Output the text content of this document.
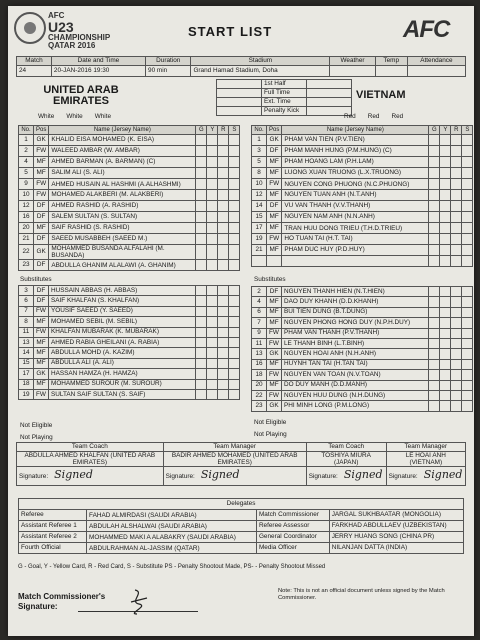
AFC
U23
CHAMPIONSHIP
QATAR 2016
START LIST	AFC
Match	Date and Time	Duration	Stadium	Weather	Temp	Attendance
24	20-JAN-2016 19:30	90 min	Grand Hamad Stadium, Doha			
UNITED ARAB EMIRATES
	1st Half	
	Full Time	
	Ext. Time	
	Penalty Kick	
VIETNAM
White	White	White	Red	Red	Red
No.	Pos	Name (Jersey Name)	G	Y	R	S
1	GK	KHALID EISA MOHAMED (K. EISA)				
2	FW	WALEED AMBAR (W. AMBAR)				
4	MF	AHMED BARMAN (A. BARMAN) (C)				
5	MF	SALIM ALI (S. ALI)				
9	FW	AHMED HUSAIN AL HASHMI (A.ALHASHMI)				
10	FW	MOHAMED ALAKBERI (M. ALAKBERI)				
12	DF	AHMED RASHID (A. RASHID)				
16	DF	SALEM SULTAN (S. SULTAN)				
20	MF	SAIF RASHID (S. RASHID)				
21	DF	SAEED MUSABBEH (SAEED M.)				
22	GK	MOHAMMED BUSANDA ALFALAHI (M. BUSANDA)				
23	DF	ABDULLA GHANIM ALALAWI (A. GHANIM)				
No.	Pos	Name (Jersey Name)	G	Y	R	S
1	GK	PHAM VAN TIEN (P.V.TIEN)				
3	DF	PHAM MANH HUNG (P.M.HUNG) (C)				
5	MF	PHAM HOANG LAM (P.H.LAM)				
8	MF	LUONG XUAN TRUONG (L.X.TRUONG)				
10	FW	NGUYEN CONG PHUONG (N.C.PHUONG)				
12	MF	NGUYEN TUAN ANH (N.T.ANH)				
14	DF	VU VAN THANH (V.V.THANH)				
15	MF	NGUYEN NAM ANH (N.N.ANH)				
17	MF	TRAN HUU DONG TRIEU (T.H.D.TRIEU)				
19	FW	HO TUAN TAI (H.T. TAI)				
21	MF	PHAM DUC HUY (P.D.HUY)				

Substitutes	Substitutes
3	DF	HUSSAIN ABBAS (H. ABBAS)				
6	DF	SAIF KHALFAN (S. KHALFAN)				
7	FW	YOUSIF SAEED (Y. SAEED)				
8	MF	MOHAMED SEBIL (M. SEBIL)				
11	FW	KHALFAN MUBARAK (K. MUBARAK)				
13	MF	AHMED RABIA GHEILANI (A. RABIA)				
14	MF	ABDULLA MOHD (A. KAZIM)				
15	MF	ABDULLA ALI (A. ALI)				
17	GK	HASSAN HAMZA (H. HAMZA)				
18	MF	MOHAMMED SUROUR (M. SUROUR)				
19	FW	SULTAN SAIF SULTAN (S. SAIF)				
2	DF	NGUYEN THANH HIEN (N.T.HIEN)				
4	MF	DAO DUY KHANH (D.D.KHANH)				
6	MF	BUI TIEN DUNG (B.T.DUNG)				
7	MF	NGUYEN PHONG HONG DUY (N.P.H.DUY)				
9	FW	PHAM VAN THANH (P.V.THANH)				
11	FW	LE THANH BINH (L.T.BINH)				
13	GK	NGUYEN HOAI ANH (N.H.ANH)				
16	MF	HUYNH TAN TAI (H.TAN TAI)				
18	FW	NGUYEN VAN TOAN (N.V.TOAN)				
20	MF	DO DUY MANH (D.D.MANH)				
22	FW	NGUYEN HUU DUNG (N.H.DUNG)				
23	GK	PHI MINH LONG (P.M.LONG)				
Not Eligible
Not Playing
Not Eligible
Not Playing
Team Coach	Team Manager	Team Coach	Team Manager
ABDULLA AHMED KHALFAN (UNITED ARAB EMIRATES)	BADIR AHMED MOHAMED (UNITED ARAB EMIRATES)	TOSHIYA MIURA (JAPAN)	LE HOAI ANH (VIETNAM)
Signature: Signed	Signature: Signed	Signature: Signed	Signature: Signed
Delegates			
Referee	FAHAD ALMIRDASI (SAUDI ARABIA)	Match Commissioner	JARGAL SUKHBAATAR (MONGOLIA)
Assistant Referee 1	ABDULAH ALSHALWAI (SAUDI ARABIA)	Referee Assessor	FARKHAD ABDULLAEV (UZBEKISTAN)
Assistant Referee 2	MOHAMMED MAKI A ALABAKRY (SAUDI ARABIA)	General Coordinator	JERRY HUANG SONG (CHINA PR)
Fourth Official	ABDULRAHMAN AL-JASSIM (QATAR)	Media Officer	NILANJAN DATTA (INDIA)
G - Goal, Y - Yellow Card, R - Red Card, S - Substitute PS - Penalty Shootout Made, PS- - Penalty Shootout Missed
Match Commissioner's
Signature:
Note: This is not an official document unless signed by the Match Commissioner.
